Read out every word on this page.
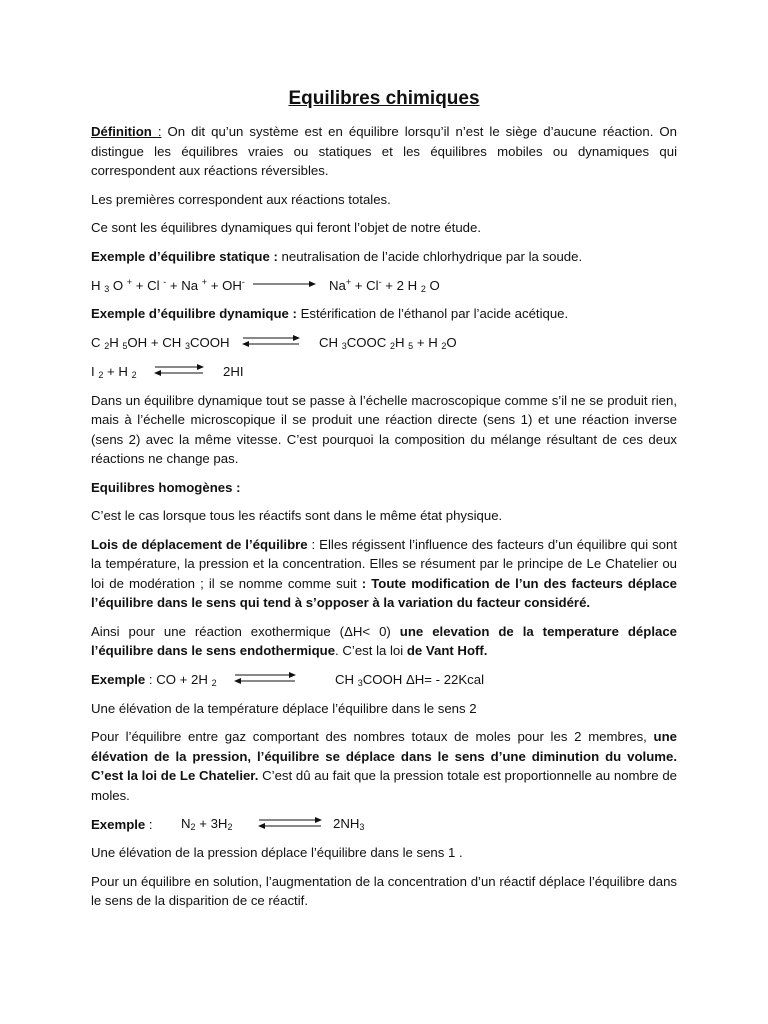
Equilibres chimiques

Définition : On dit qu’un système est en équilibre lorsqu’il n’est le siège d’aucune réaction. On distingue les équilibres vraies ou statiques et les équilibres mobiles ou dynamiques qui correspondent aux réactions réversibles.

Les premières correspondent aux réactions totales.

Ce sont les équilibres dynamiques qui feront l’objet de notre étude.

Exemple d’équilibre statique : neutralisation de l’acide chlorhydrique par la soude.

H $_3$ O + + Cl - + Na + + OH-	Na+ + Cl- + 2 H $_2$ O

Exemple d’équilibre dynamique : Estérification de l’éthanol par l’acide acétique.

C $_2$H $_5$OH + CH $_3$COOH	CH $_3$COOC $_2$H $_5$ + H $_2$O
I $_2$ + H $_2$	⇌ 2HI

Dans un équilibre dynamique tout se passe à l’échelle macroscopique comme s’il ne se produit rien, mais à l’échelle microscopique il se produit une réaction directe (sens 1) et une réaction inverse (sens 2) avec la même vitesse. C’est pourquoi la composition du mélange résultant de ces deux réactions ne change pas.

Equilibres homogènes :

C’est le cas lorsque tous les réactifs sont dans le même état physique.

Lois de déplacement de l’équilibre : Elles régissent l’influence des facteurs d’un équilibre qui sont la température, la pression et la concentration. Elles se résument par le principe de Le Chatelier ou loi de modération ; il se nomme comme suit : Toute modification de l’un des facteurs déplace l’équilibre dans le sens qui tend à s’opposer à la variation du facteur considéré.

Ainsi pour une réaction exothermique (ΔH< 0) une elevation de la temperature déplace l’équilibre dans le sens endothermique. C’est la loi de Vant Hoff.

Exemple : CO + 2H $_2$	CH $_3$COOH ΔH= - 22Kcal

Une élévation de la température déplace l’équilibre dans le sens 2

Pour l’équilibre entre gaz comportant des nombres totaux de moles pour les 2 membres, une élévation de la pression, l’équilibre se déplace dans le sens d’une diminution du volume. C’est la loi de Le Chatelier. C’est dû au fait que la pression totale est proportionnelle au nombre de moles.

Exemple :	$N_2 + 3H_2$	$2NH_3$

Une élévation de la pression déplace l’équilibre dans le sens 1 .

Pour un équilibre en solution, l’augmentation de la concentration d’un réactif déplace l’équilibre dans le sens de la disparition de ce réactif.
